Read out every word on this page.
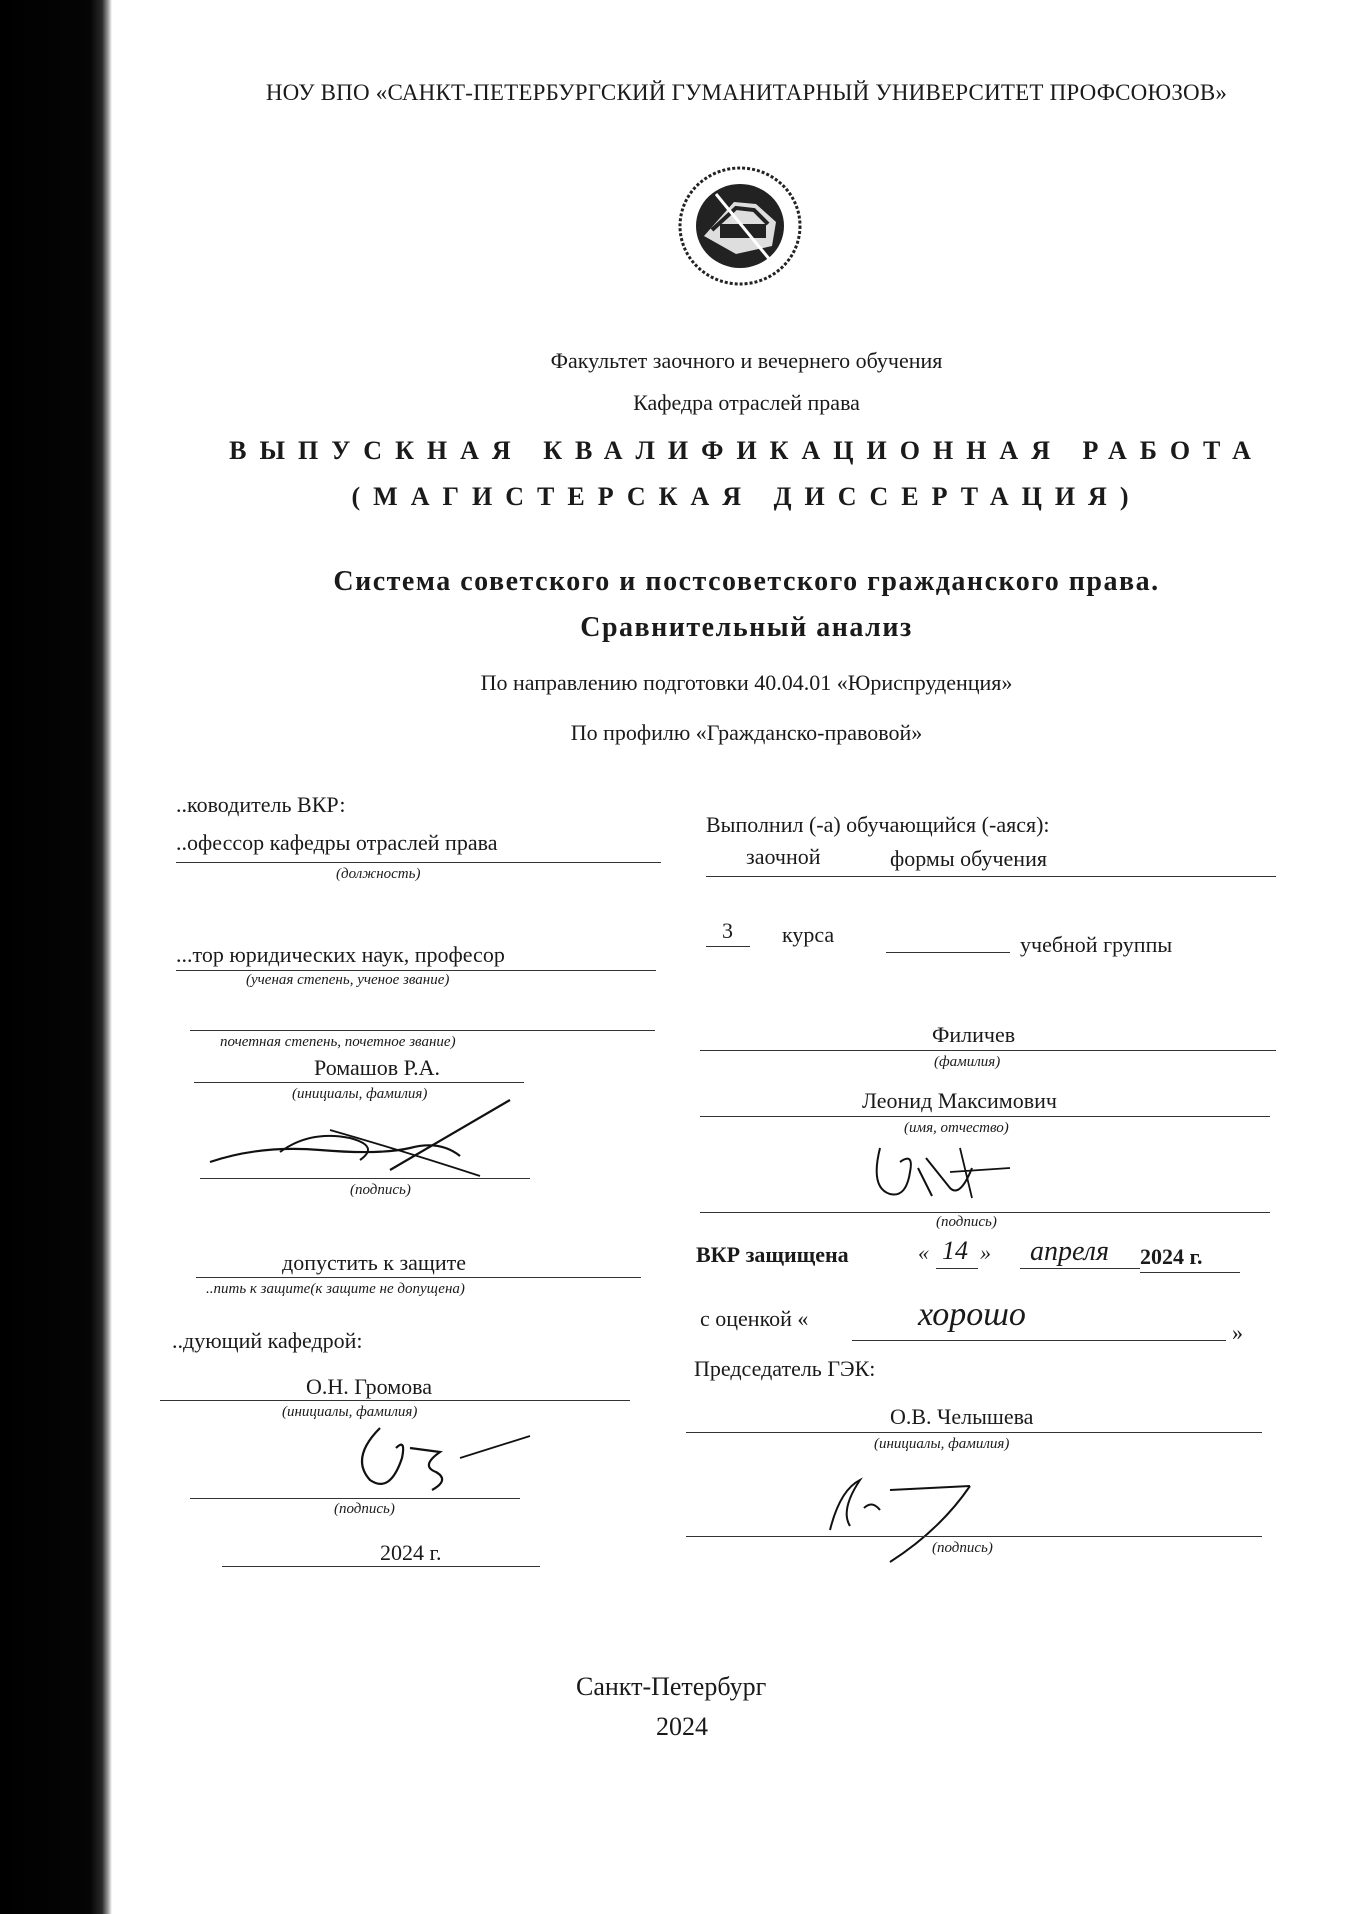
НОУ ВПО «САНКТ-ПЕТЕРБУРГСКИЙ ГУМАНИТАРНЫЙ УНИВЕРСИТЕТ ПРОФСОЮЗОВ»
Факультет заочного и вечернего обучения
Кафедра отраслей права
ВЫПУСКНАЯ КВАЛИФИКАЦИОННАЯ РАБОТА
(МАГИСТЕРСКАЯ ДИССЕРТАЦИЯ)
Система советского и постсоветского гражданского права.
Сравнительный анализ
По направлению подготовки 40.04.01 «Юриспруденция»
По профилю «Гражданско-правовой»
..ководитель ВКР:
..офессор кафедры отраслей права
(должность)
...тор юридических наук, професор
(ученая степень, ученое звание)
почетная степень, почетное звание)
Ромашов Р.А.
(инициалы, фамилия)
(подпись)
допустить к защите
..пить к защите(к защите не допущена)
..дующий кафедрой:
О.Н. Громова
(инициалы, фамилия)
(подпись)
2024 г.
Выполнил (-а) обучающийся (-аяся):
заочной	формы обучения
3 курса	учебной группы
Филичев
(фамилия)
Леонид Максимович
(имя, отчество)
(подпись)
ВКР защищена	« 14 » апреля 2024 г.
с оценкой «	хорошо	»
Председатель ГЭК:
О.В. Челышева
(инициалы, фамилия)
(подпись)
Санкт-Петербург
2024
